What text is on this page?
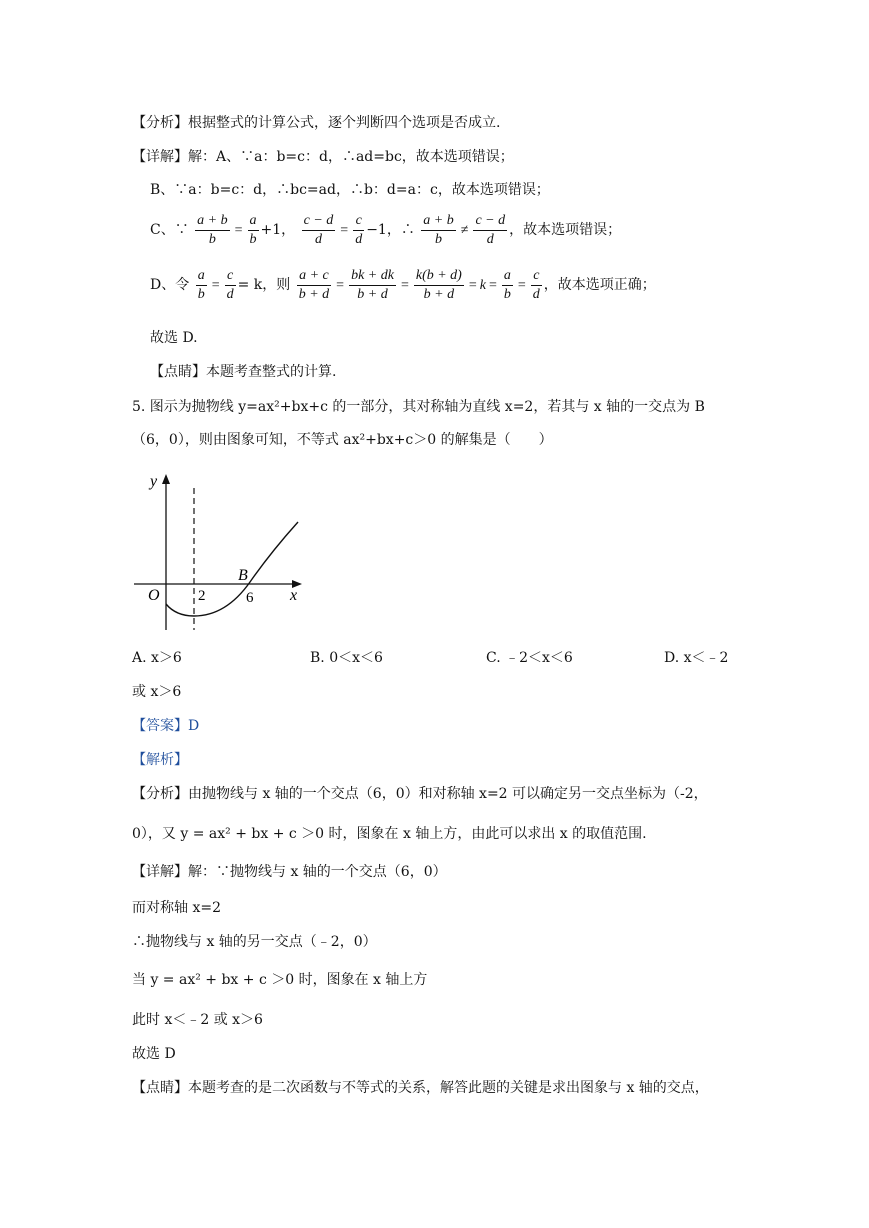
【分析】根据整式的计算公式，逐个判断四个选项是否成立.
【详解】解：A、∵a：b=c：d，∴ad=bc，故本选项错误；
B、∵a：b=c：d，∴bc=ad，∴b：d=a：c，故本选项错误；
C、∵ $\frac{a + b}{b} = \frac{a}{b} +1$， $\frac{c - d}{d} = \frac{c}{d} -1$，∴ $\frac{a + b}{b} \ne \frac{c - d}{d}$ ，故本选项错误；
D、令 $\frac{a}{b} = \frac{c}{d} = k$，则 $\frac{a + c}{b + d} = \frac{bk + dk}{b + d} = \frac{k(b + d)}{b + d} = k = \frac{a}{b} = \frac{c}{d}$ ，故本选项正确；
故选 D.
【点睛】本题考查整式的计算.
5. 图示为抛物线 y=ax²+bx+c 的一部分，其对称轴为直线 x=2，若其与 x 轴的一交点为 B
（6，0），则由图象可知，不等式 ax²+bx+c＞0 的解集是（　　）
y
x
O	2	6
B
A. x＞6	B. 0＜x＜6	C. ﹣2＜x＜6	D. x＜﹣2
或 x＞6
【答案】D
【解析】
【分析】由抛物线与 x 轴的一个交点（6，0）和对称轴 x=2 可以确定另一交点坐标为（-2，
0），又 y = ax² + bx + c ＞0 时，图象在 x 轴上方，由此可以求出 x 的取值范围.
【详解】解：∵抛物线与 x 轴的一个交点（6，0）
而对称轴 x=2
∴抛物线与 x 轴的另一交点（﹣2，0）
当 y = ax² + bx + c ＞0 时，图象在 x 轴上方
此时 x＜﹣2 或 x＞6
故选 D
【点睛】本题考查的是二次函数与不等式的关系，解答此题的关键是求出图象与 x 轴的交点，
